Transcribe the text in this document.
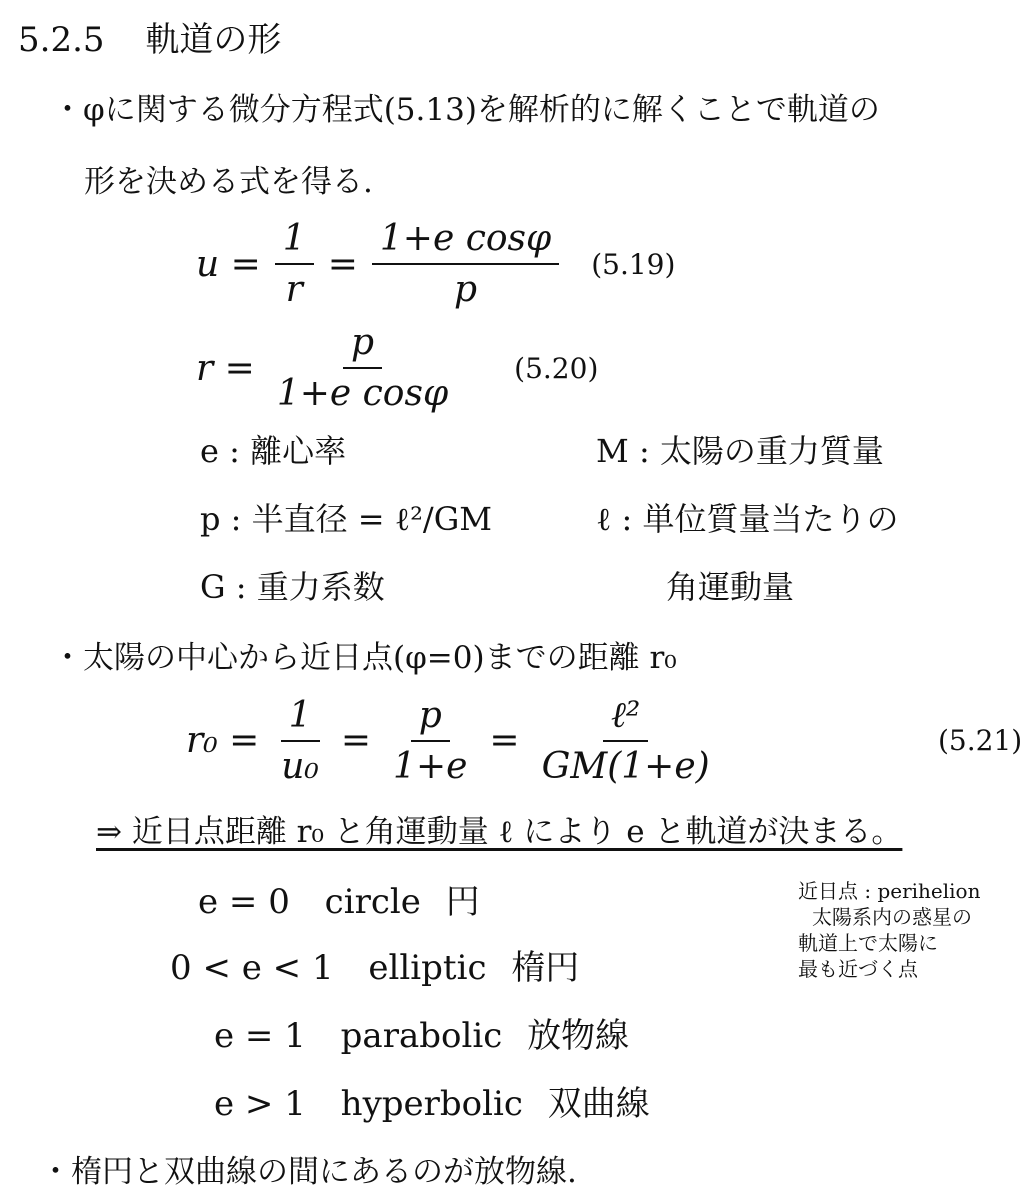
5.2.5 軌道の形
・φに関する微分方程式(5.13)を解析的に解くことで軌道の
形を決める式を得る.
$u = \frac{1}{r} = \frac{\text{1+e cosφ}}{p} (5.19)$
$r = \frac{p}{\text{1+e cosφ}} (5.20)$
e : 離心率
p : 半直径 = ℓ²/GM
G : 重力系数
M : 太陽の重力質量
ℓ : 単位質量当たりの
角運動量
・太陽の中心から近日点(φ=0)までの距離 r₀
$r_0 = \frac{1}{\text{u₀}} = \frac{p}{1+e} = \frac{\text{ℓ²}}{GM(1+e)}$	(5.21)
⇒ 近日点距離 r₀ と角運動量 ℓ により e と軌道が決まる。
e = 0 circle 円
0 < e < 1 elliptic 楕円
e = 1 parabolic 放物線
e > 1 hyperbolic 双曲線
近日点 : perihelion
太陽系内の惑星の
軌道上で太陽に
最も近づく点
・楕円と双曲線の間にあるのが放物線.
